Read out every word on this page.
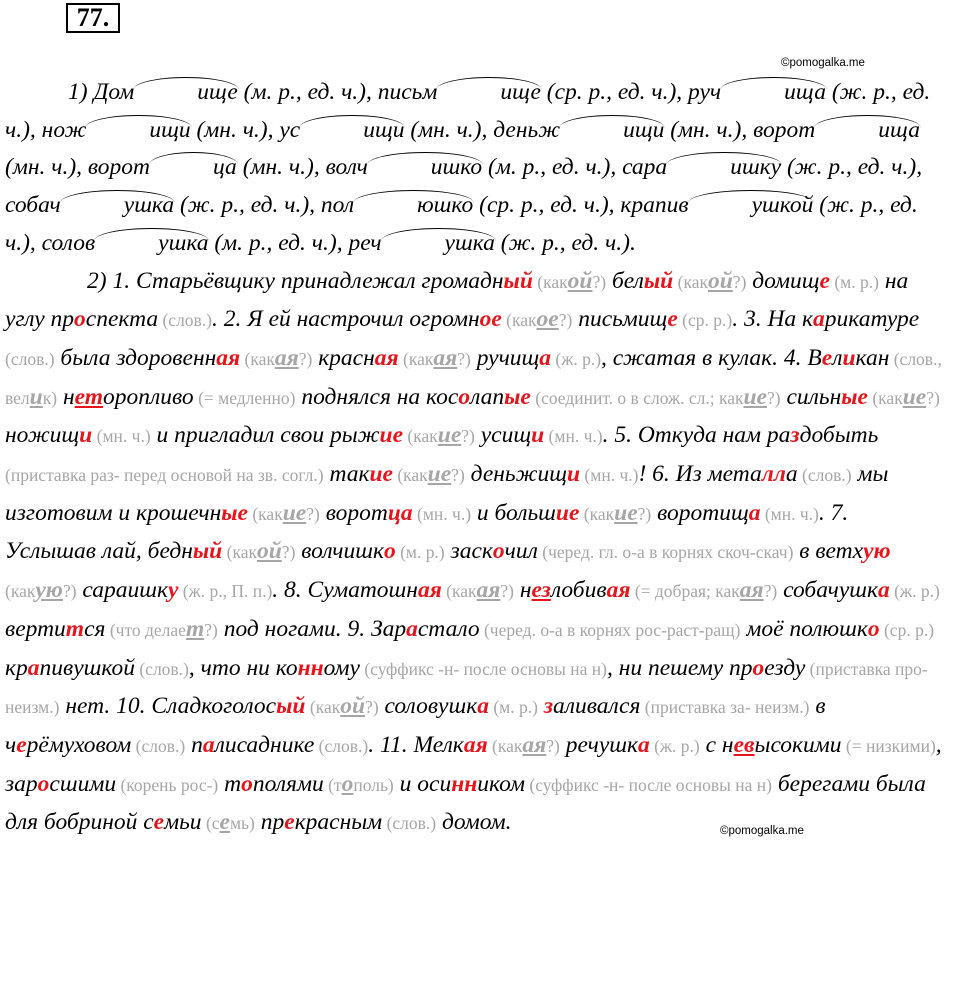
77.
©pomogalka.me
©pomogalka.me

1) Дом	ище (м. р., ед. ч.), письм	ище (ср. р., ед. ч.), руч	ища (ж. р., ед. ч.), нож	ищи (мн. ч.), ус	ищи (мн. ч.), деньж	ищи (мн. ч.), ворот	ища (мн. ч.), ворот	ца (мн. ч.), волч	ишко (м. р., ед. ч.), сара	ишку (ж. р., ед. ч.), собач	ушка (ж. р., ед. ч.), пол	юшко (ср. р., ед. ч.), крапив	ушкой (ж. р., ед. ч.), солов	ушка (м. р., ед. ч.), реч	ушка (ж. р., ед. ч.).

2) 1. Старьёвщику принадлежал громадный (какой?) белый (какой?) домище (м. р.) на углу проспекта (слов.). 2. Я ей настрочил огромное (какое?) письмище (ср. р.). 3. На карикатуре (слов.) была здоровенная (какая?) красная (какая?) ручища (ж. р.), сжатая в кулак. 4. Великан (слов., велик) неторопливо (= медленно) поднялся на косолапые (соединит. о в слож. сл.; какие?) сильные (какие?) ножищи (мн. ч.) и пригладил свои рыжие (какие?) усищи (мн. ч.). 5. Откуда нам раздобыть (приставка раз- перед основой на зв. согл.) такие (какие?) деньжищи (мн. ч.)! 6. Из металла (слов.) мы изготовим и крошечные (какие?) воротца (мн. ч.) и большие (какие?) воротища (мн. ч.). 7. Услышав лай, бедный (какой?) волчишко (м. р.) заскочил (черед. гл. о-а в корнях скоч-скач) в ветхую (какую?) сараишку (ж. р., П. п.). 8. Суматошная (какая?) незлобивая (= добрая; какая?) собачушка (ж. р.) вертится (что делает?) под ногами. 9. Зарастало (черед. о-а в корнях рос-раст-ращ) моё полюшко (ср. р.) крапивушкой (слов.), что ни конному (суффикс -н- после основы на н), ни пешему проезду (приставка про- неизм.) нет. 10. Сладкоголосый (какой?) соловушка (м. р.) заливался (приставка за- неизм.) в черёмуховом (слов.) палисаднике (слов.). 11. Мелкая (какая?) речушка (ж. р.) с невысокими (= низкими), заросшими (корень рос-) тополями (тополь) и осинником (суффикс -н- после основы на н) берегами была для бобриной семьи (семь) прекрасным (слов.) домом.
